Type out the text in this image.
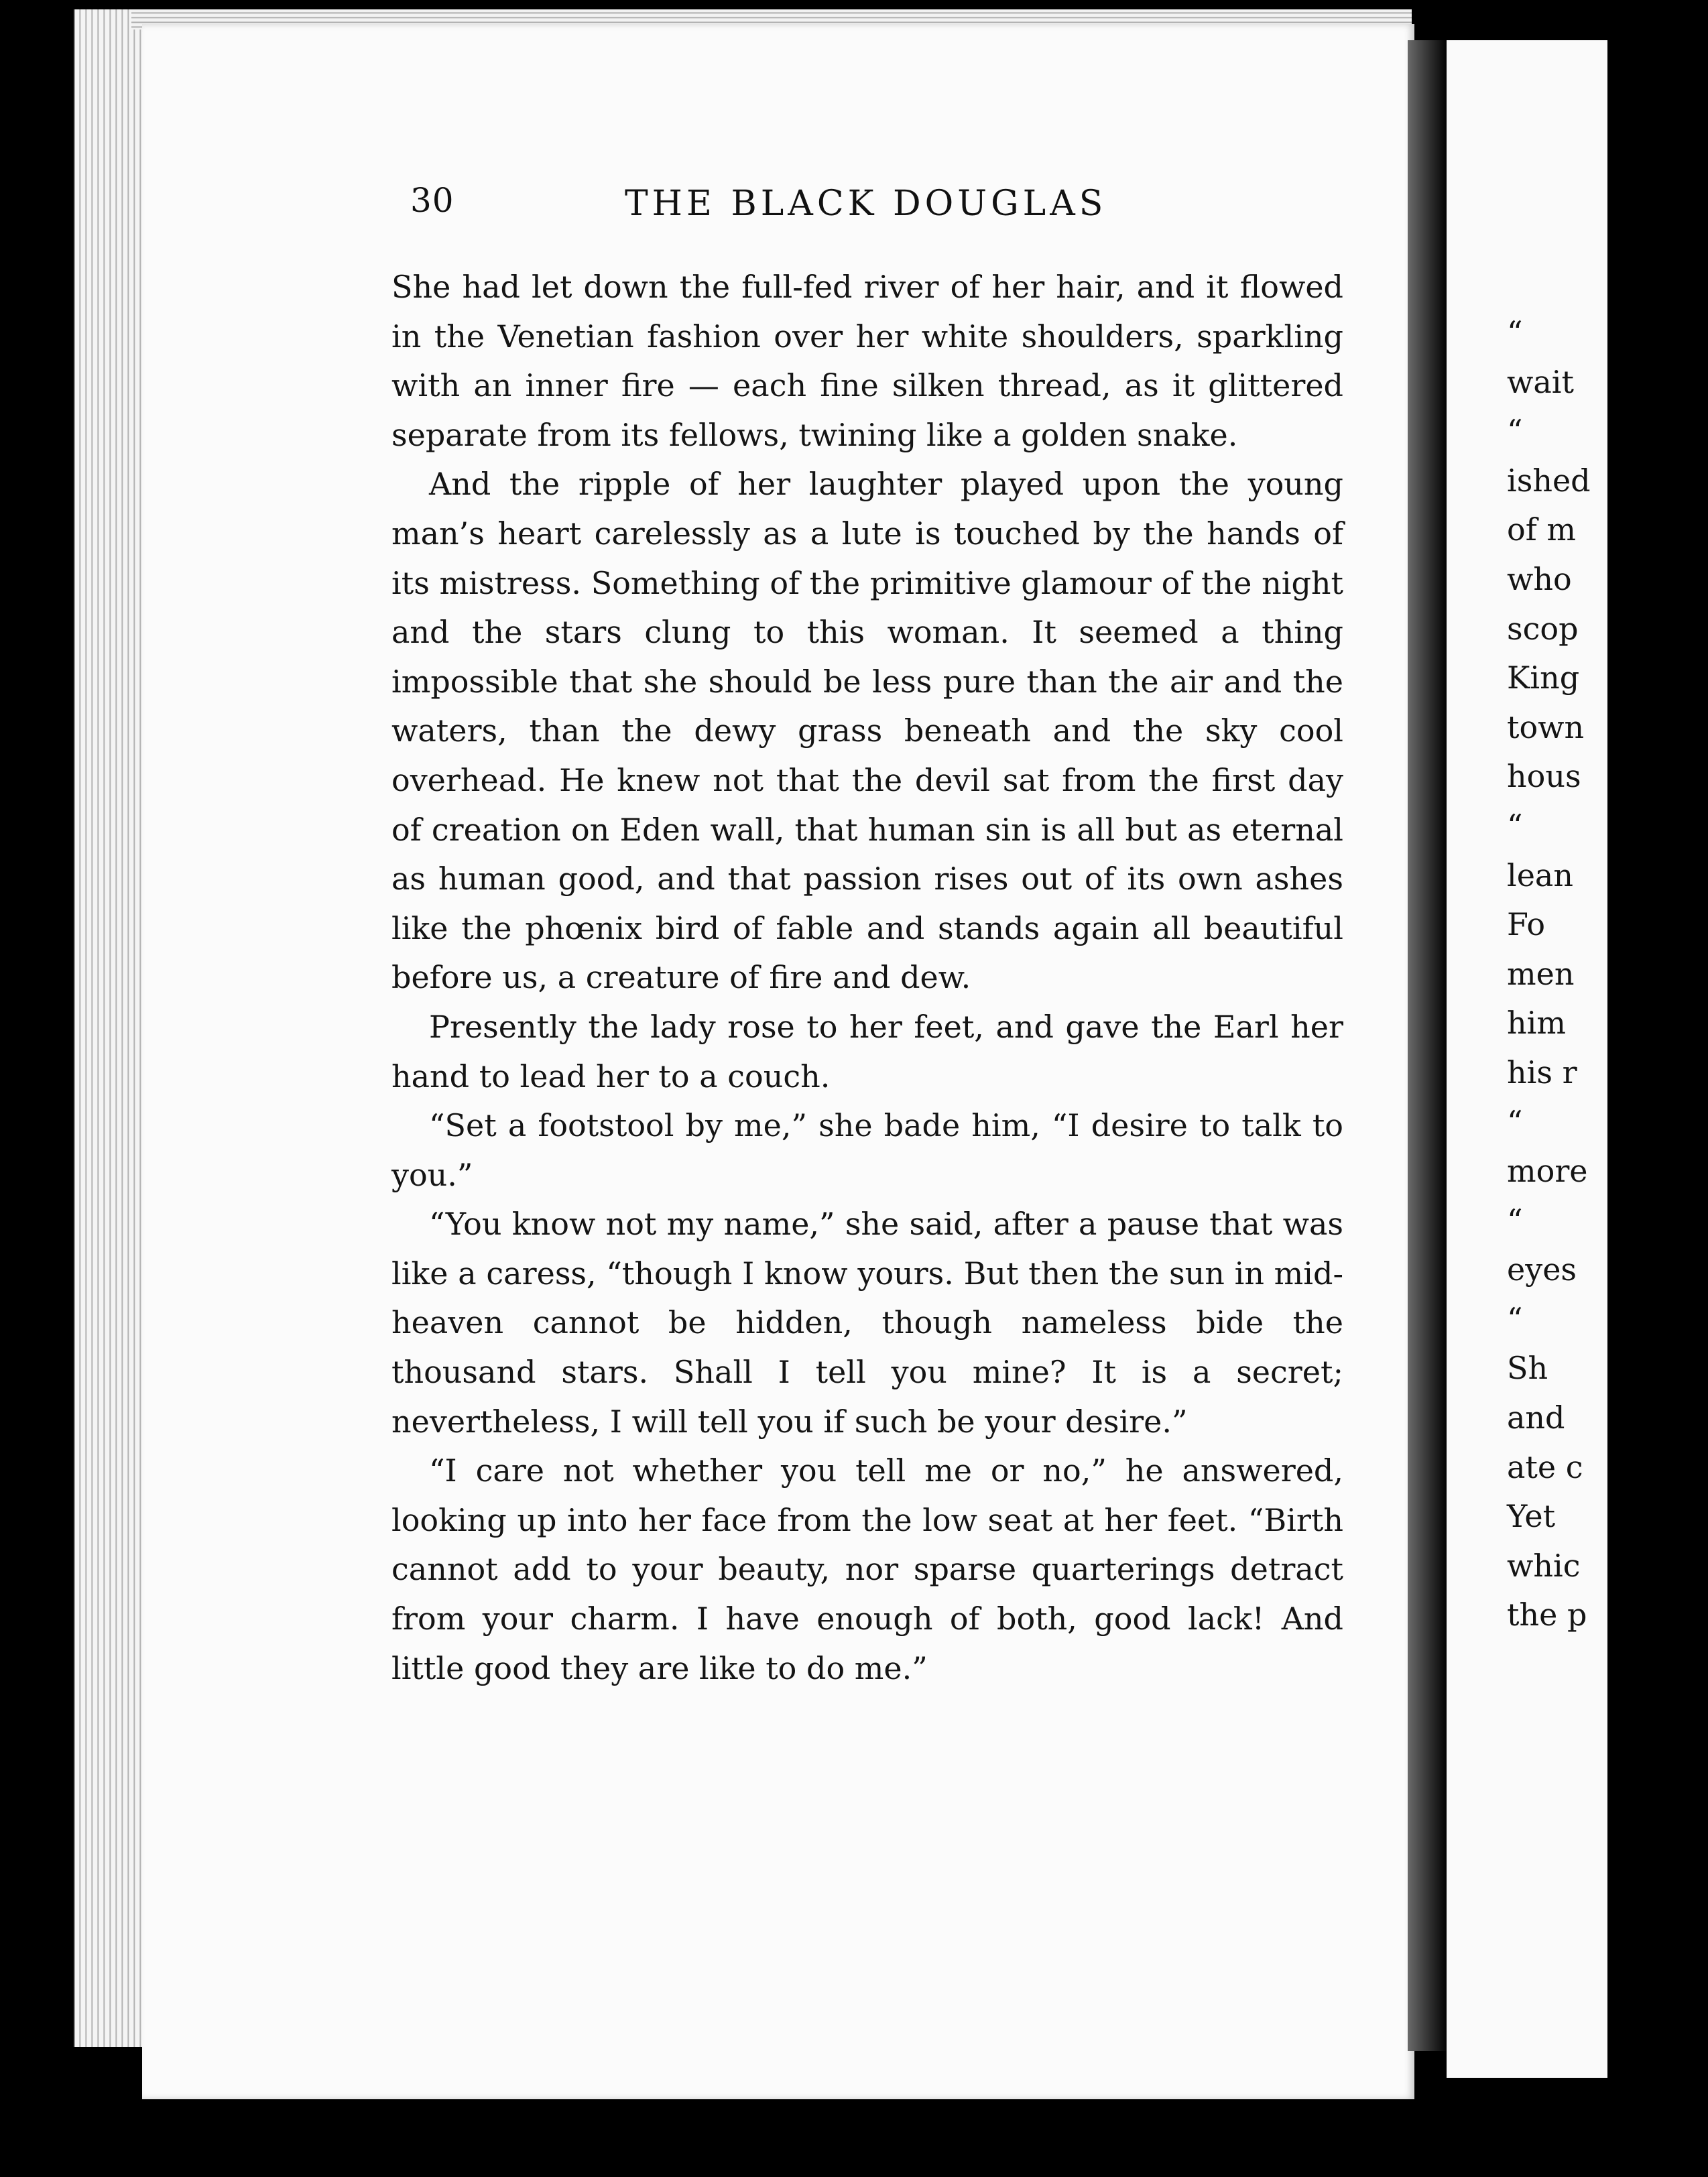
“
wait
“
ished
of m
who
scop
King
town
hous
“
lean
Fo
men
him
his r
“
more
“
eyes
“
Sh
and
ate c
Yet
whic
the p
30	THE BLACK DOUGLAS

She had let down the full-fed river of her hair, and it flowed in the Venetian fashion over her white shoulders, sparkling with an inner fire — each fine silken thread, as it glittered separate from its fellows, twining like a golden snake.

And the ripple of her laughter played upon the young man’s heart carelessly as a lute is touched by the hands of its mistress. Something of the primitive glamour of the night and the stars clung to this woman. It seemed a thing impossible that she should be less pure than the air and the waters, than the dewy grass beneath and the sky cool overhead. He knew not that the devil sat from the first day of creation on Eden wall, that human sin is all but as eternal as human good, and that passion rises out of its own ashes like the phœnix bird of fable and stands again all beautiful before us, a creature of fire and dew.

Presently the lady rose to her feet, and gave the Earl her hand to lead her to a couch.

“Set a footstool by me,” she bade him, “I desire to talk to you.”

“You know not my name,” she said, after a pause that was like a caress, “though I know yours. But then the sun in mid-heaven cannot be hidden, though nameless bide the thousand stars. Shall I tell you mine? It is a secret; nevertheless, I will tell you if such be your desire.”

“I care not whether you tell me or no,” he answered, looking up into her face from the low seat at her feet. “Birth cannot add to your beauty, nor sparse quarterings detract from your charm. I have enough of both, good lack! And little good they are like to do me.”
